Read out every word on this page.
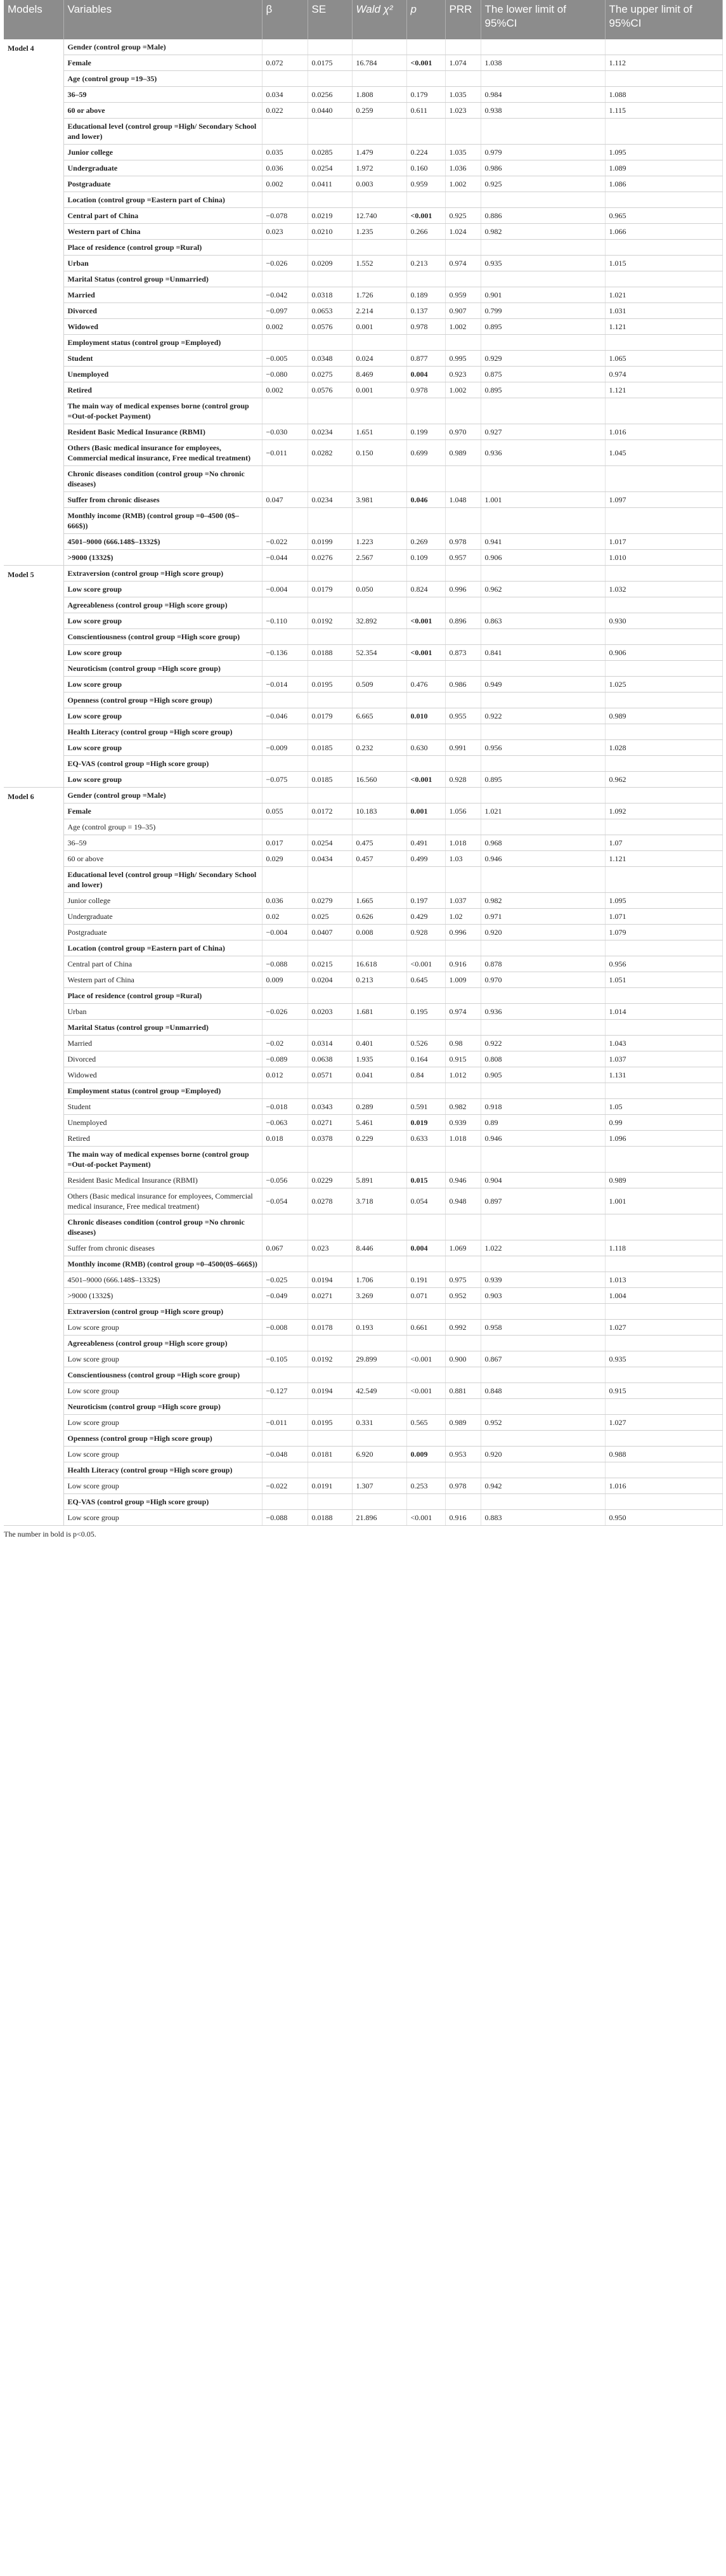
Models	Variables	β	SE	Wald χ²	p	PRR	The lower limit of 95%CI	The upper limit of 95%CI
Model 4	Gender (control group =Male)							
	Female	0.072	0.0175	16.784	<0.001	1.074	1.038	1.112
	Age (control group =19–35)							
	36–59	0.034	0.0256	1.808	0.179	1.035	0.984	1.088
	60 or above	0.022	0.0440	0.259	0.611	1.023	0.938	1.115
	Educational level (control group =High/ Secondary School and lower)							
	Junior college	0.035	0.0285	1.479	0.224	1.035	0.979	1.095
	Undergraduate	0.036	0.0254	1.972	0.160	1.036	0.986	1.089
	Postgraduate	0.002	0.0411	0.003	0.959	1.002	0.925	1.086
	Location (control group =Eastern part of China)							
	Central part of China	−0.078	0.0219	12.740	<0.001	0.925	0.886	0.965
	Western part of China	0.023	0.0210	1.235	0.266	1.024	0.982	1.066
	Place of residence (control group =Rural)							
	Urban	−0.026	0.0209	1.552	0.213	0.974	0.935	1.015
	Marital Status (control group =Unmarried)							
	Married	−0.042	0.0318	1.726	0.189	0.959	0.901	1.021
	Divorced	−0.097	0.0653	2.214	0.137	0.907	0.799	1.031
	Widowed	0.002	0.0576	0.001	0.978	1.002	0.895	1.121
	Employment status (control group =Employed)							
	Student	−0.005	0.0348	0.024	0.877	0.995	0.929	1.065
	Unemployed	−0.080	0.0275	8.469	0.004	0.923	0.875	0.974
	Retired	0.002	0.0576	0.001	0.978	1.002	0.895	1.121
	The main way of medical expenses borne (control group =Out-of-pocket Payment)							
	Resident Basic Medical Insurance (RBMI)	−0.030	0.0234	1.651	0.199	0.970	0.927	1.016
	Others (Basic medical insurance for employees, Commercial medical insurance, Free medical treatment)	−0.011	0.0282	0.150	0.699	0.989	0.936	1.045
	Chronic diseases condition (control group =No chronic diseases)							
	Suffer from chronic diseases	0.047	0.0234	3.981	0.046	1.048	1.001	1.097
	Monthly income (RMB) (control group =0–4500 (0$–666$))							
	4501–9000 (666.148$–1332$)	−0.022	0.0199	1.223	0.269	0.978	0.941	1.017
	>9000 (1332$)	−0.044	0.0276	2.567	0.109	0.957	0.906	1.010
Model 5	Extraversion (control group =High score group)							
	Low score group	−0.004	0.0179	0.050	0.824	0.996	0.962	1.032
	Agreeableness (control group =High score group)							
	Low score group	−0.110	0.0192	32.892	<0.001	0.896	0.863	0.930
	Conscientiousness (control group =High score group)							
	Low score group	−0.136	0.0188	52.354	<0.001	0.873	0.841	0.906
	Neuroticism (control group =High score group)							
	Low score group	−0.014	0.0195	0.509	0.476	0.986	0.949	1.025
	Openness (control group =High score group)							
	Low score group	−0.046	0.0179	6.665	0.010	0.955	0.922	0.989
	Health Literacy (control group =High score group)							
	Low score group	−0.009	0.0185	0.232	0.630	0.991	0.956	1.028
	EQ-VAS (control group =High score group)							
	Low score group	−0.075	0.0185	16.560	<0.001	0.928	0.895	0.962
Model 6	Gender (control group =Male)							
	Female	0.055	0.0172	10.183	0.001	1.056	1.021	1.092
	Age (control group = 19–35)							
	36–59	0.017	0.0254	0.475	0.491	1.018	0.968	1.07
	60 or above	0.029	0.0434	0.457	0.499	1.03	0.946	1.121
	Educational level (control group =High/ Secondary School and lower)							
	Junior college	0.036	0.0279	1.665	0.197	1.037	0.982	1.095
	Undergraduate	0.02	0.025	0.626	0.429	1.02	0.971	1.071
	Postgraduate	−0.004	0.0407	0.008	0.928	0.996	0.920	1.079
	Location (control group =Eastern part of China)							
	Central part of China	−0.088	0.0215	16.618	<0.001	0.916	0.878	0.956
	Western part of China	0.009	0.0204	0.213	0.645	1.009	0.970	1.051
	Place of residence (control group =Rural)							
	Urban	−0.026	0.0203	1.681	0.195	0.974	0.936	1.014
	Marital Status (control group =Unmarried)							
	Married	−0.02	0.0314	0.401	0.526	0.98	0.922	1.043
	Divorced	−0.089	0.0638	1.935	0.164	0.915	0.808	1.037
	Widowed	0.012	0.0571	0.041	0.84	1.012	0.905	1.131
	Employment status (control group =Employed)							
	Student	−0.018	0.0343	0.289	0.591	0.982	0.918	1.05
	Unemployed	−0.063	0.0271	5.461	0.019	0.939	0.89	0.99
	Retired	0.018	0.0378	0.229	0.633	1.018	0.946	1.096
	The main way of medical expenses borne (control group =Out-of-pocket Payment)							
	Resident Basic Medical Insurance (RBMI)	−0.056	0.0229	5.891	0.015	0.946	0.904	0.989
	Others (Basic medical insurance for employees, Commercial medical insurance, Free medical treatment)	−0.054	0.0278	3.718	0.054	0.948	0.897	1.001
	Chronic diseases condition (control group =No chronic diseases)							
	Suffer from chronic diseases	0.067	0.023	8.446	0.004	1.069	1.022	1.118
	Monthly income (RMB) (control group =0–4500(0$–666$))							
	4501–9000 (666.148$–1332$)	−0.025	0.0194	1.706	0.191	0.975	0.939	1.013
	>9000 (1332$)	−0.049	0.0271	3.269	0.071	0.952	0.903	1.004
	Extraversion (control group =High score group)							
	Low score group	−0.008	0.0178	0.193	0.661	0.992	0.958	1.027
	Agreeableness (control group =High score group)							
	Low score group	−0.105	0.0192	29.899	<0.001	0.900	0.867	0.935
	Conscientiousness (control group =High score group)							
	Low score group	−0.127	0.0194	42.549	<0.001	0.881	0.848	0.915
	Neuroticism (control group =High score group)							
	Low score group	−0.011	0.0195	0.331	0.565	0.989	0.952	1.027
	Openness (control group =High score group)							
	Low score group	−0.048	0.0181	6.920	0.009	0.953	0.920	0.988
	Health Literacy (control group =High score group)							
	Low score group	−0.022	0.0191	1.307	0.253	0.978	0.942	1.016
	EQ-VAS (control group =High score group)							
	Low score group	−0.088	0.0188	21.896	<0.001	0.916	0.883	0.950
The number in bold is p<0.05.
